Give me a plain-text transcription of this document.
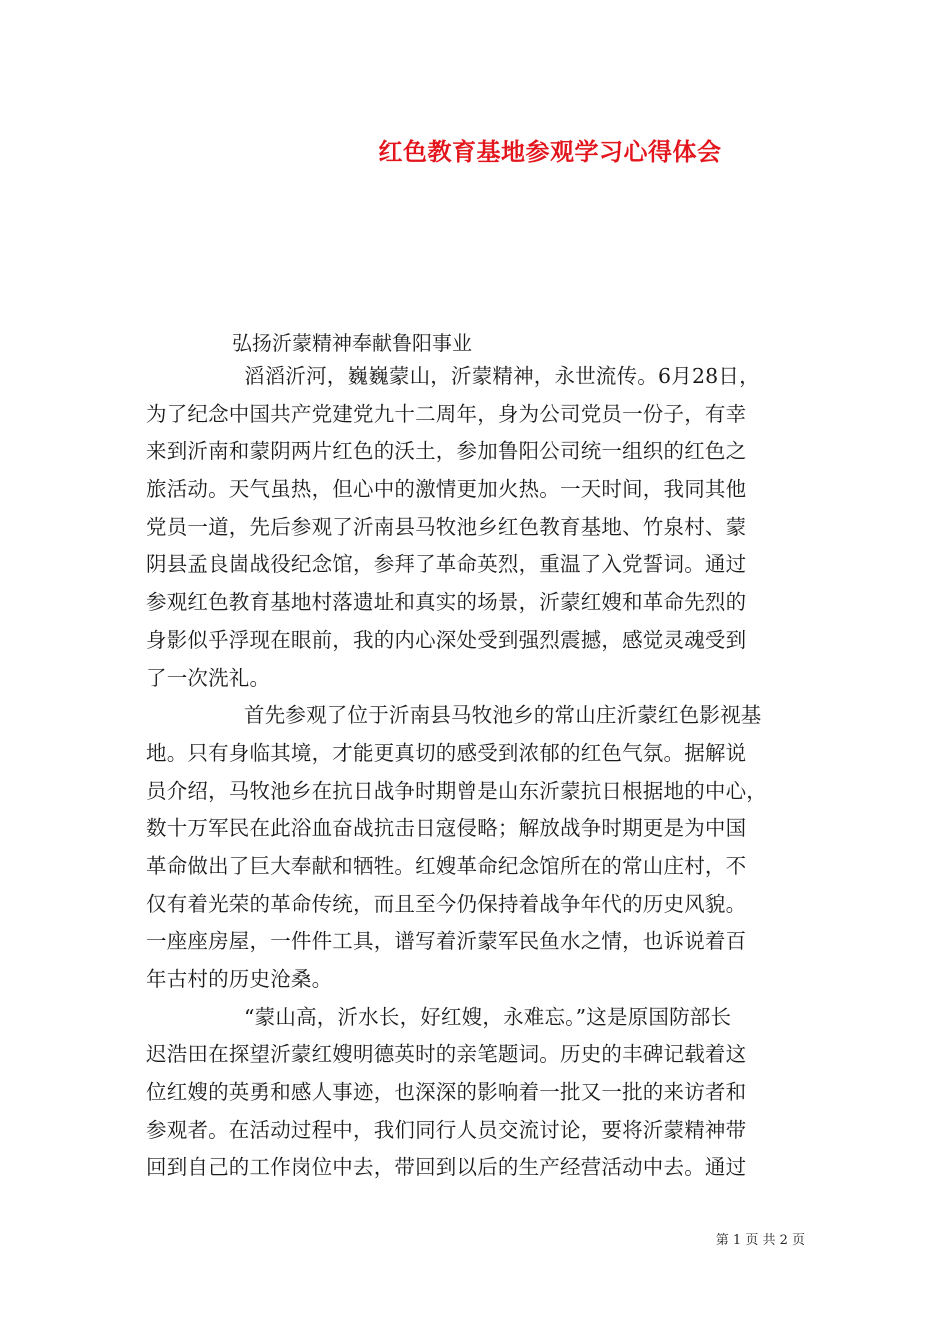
红色教育基地参观学习心得体会
弘扬沂蒙精神奉献鲁阳事业
滔滔沂河，巍巍蒙山，沂蒙精神，永世流传。6月28日，
为了纪念中国共产党建党九十二周年，身为公司党员一份子，有幸
来到沂南和蒙阴两片红色的沃土，参加鲁阳公司统一组织的红色之
旅活动。天气虽热，但心中的激情更加火热。一天时间，我同其他
党员一道，先后参观了沂南县马牧池乡红色教育基地、竹泉村、蒙
阴县孟良崮战役纪念馆，参拜了革命英烈，重温了入党誓词。通过
参观红色教育基地村落遗址和真实的场景，沂蒙红嫂和革命先烈的
身影似乎浮现在眼前，我的内心深处受到强烈震撼，感觉灵魂受到
了一次洗礼。
首先参观了位于沂南县马牧池乡的常山庄沂蒙红色影视基
地。只有身临其境，才能更真切的感受到浓郁的红色气氛。据解说
员介绍，马牧池乡在抗日战争时期曾是山东沂蒙抗日根据地的中心，
数十万军民在此浴血奋战抗击日寇侵略；解放战争时期更是为中国
革命做出了巨大奉献和牺牲。红嫂革命纪念馆所在的常山庄村，不
仅有着光荣的革命传统，而且至今仍保持着战争年代的历史风貌。
一座座房屋，一件件工具，谱写着沂蒙军民鱼水之情，也诉说着百
年古村的历史沧桑。
“蒙山高，沂水长，好红嫂，永难忘。”这是原国防部长
迟浩田在探望沂蒙红嫂明德英时的亲笔题词。历史的丰碑记载着这
位红嫂的英勇和感人事迹，也深深的影响着一批又一批的来访者和
参观者。在活动过程中，我们同行人员交流讨论，要将沂蒙精神带
回到自己的工作岗位中去，带回到以后的生产经营活动中去。通过
第 1 页 共 2 页
